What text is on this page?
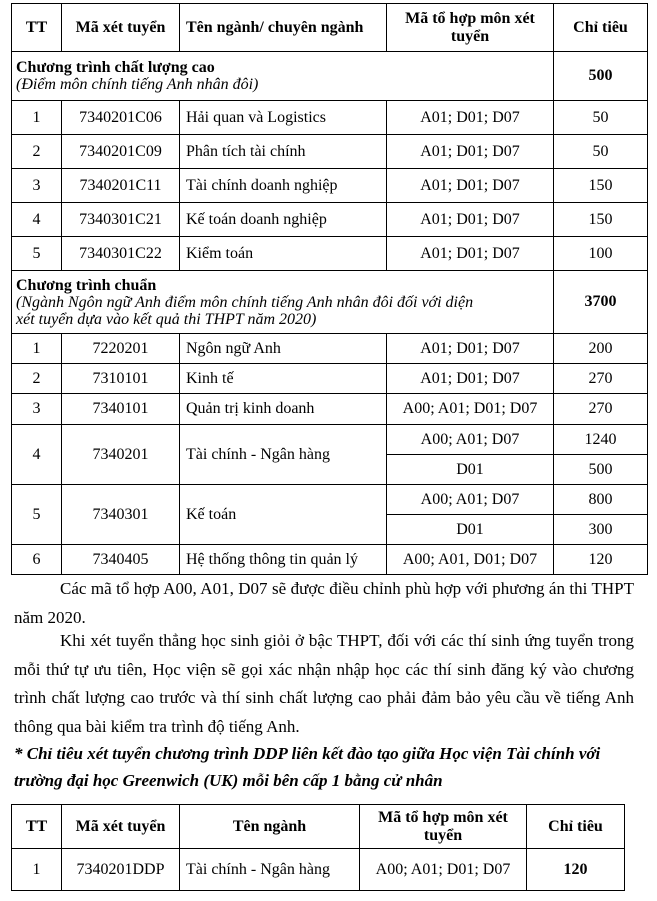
TT	Mã xét tuyển	Tên ngành/ chuyên ngành	Mã tổ hợp môn xét tuyển	Chỉ tiêu
Chương trình chất lượng cao
(Điểm môn chính tiếng Anh nhân đôi)				500
1	7340201C06	Hải quan và Logistics	A01; D01; D07	50
2	7340201C09	Phân tích tài chính	A01; D01; D07	50
3	7340201C11	Tài chính doanh nghiệp	A01; D01; D07	150
4	7340301C21	Kế toán doanh nghiệp	A01; D01; D07	150
5	7340301C22	Kiểm toán	A01; D01; D07	100
Chương trình chuẩn
(Ngành Ngôn ngữ Anh điểm môn chính tiếng Anh nhân đôi đối với diện
xét tuyển dựa vào kết quả thi THPT năm 2020)				3700
1	7220201	Ngôn ngữ Anh	A01; D01; D07	200
2	7310101	Kinh tế	A01; D01; D07	270
3	7340101	Quản trị kinh doanh	A00; A01; D01; D07	270
4	7340201	Tài chính - Ngân hàng	A00; A01; D07	1240
			D01	500
5	7340301	Kế toán	A00; A01; D07	800
			D01	300
6	7340405	Hệ thống thông tin quản lý	A00; A01, D01; D07	120

Các mã tổ hợp A00, A01, D07 sẽ được điều chỉnh phù hợp với phương án thi THPT năm 2020.

Khi xét tuyển thẳng học sinh giỏi ở bậc THPT, đối với các thí sinh ứng tuyển trong mỗi thứ tự ưu tiên, Học viện sẽ gọi xác nhận nhập học các thí sinh đăng ký vào chương trình chất lượng cao trước và thí sinh chất lượng cao phải đảm bảo yêu cầu về tiếng Anh thông qua bài kiểm tra trình độ tiếng Anh.

* Chỉ tiêu xét tuyển chương trình DDP liên kết đào tạo giữa Học viện Tài chính với trường đại học Greenwich (UK) mỗi bên cấp 1 bằng cử nhân

TT	Mã xét tuyển	Tên ngành	Mã tổ hợp môn xét tuyển	Chỉ tiêu
1	7340201DDP	Tài chính - Ngân hàng	A00; A01; D01; D07	120
